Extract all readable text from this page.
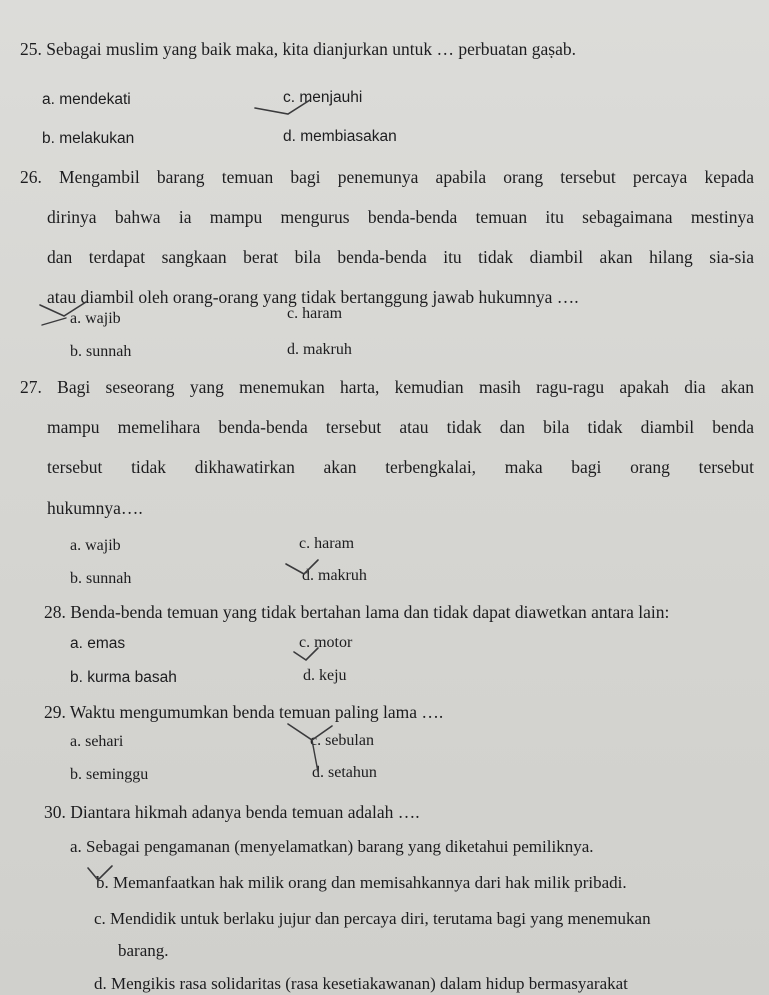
25. Sebagai muslim yang baik maka, kita dianjurkan untuk … perbuatan gaṣab.
a. mendekati	c. menjauhi
b. melakukan	d. membiasakan
26. Mengambil barang temuan bagi penemunya apabila orang tersebut percaya kepada
dirinya bahwa ia mampu mengurus benda-benda temuan itu sebagaimana mestinya
dan terdapat sangkaan berat bila benda-benda itu tidak diambil akan hilang sia-sia
atau diambil oleh orang-orang yang tidak bertanggung jawab hukumnya ….
a. wajib	c. haram
b. sunnah	d. makruh
27. Bagi seseorang yang menemukan harta, kemudian masih ragu-ragu apakah dia akan
mampu memelihara benda-benda tersebut atau tidak dan bila tidak diambil benda
tersebut tidak dikhawatirkan akan terbengkalai, maka bagi orang tersebut
hukumnya….
a. wajib	c. haram
b. sunnah	d. makruh
28. Benda-benda temuan yang tidak bertahan lama dan tidak dapat diawetkan antara lain:
a. emas	c. motor
b. kurma basah	d. keju
29. Waktu mengumumkan benda temuan paling lama ….
a. sehari	c. sebulan
b. seminggu	d. setahun
30. Diantara hikmah adanya benda temuan adalah ….
a. Sebagai pengamanan (menyelamatkan) barang yang diketahui pemiliknya.
b. Memanfaatkan hak milik orang dan memisahkannya dari hak milik pribadi.
c. Mendidik untuk berlaku jujur dan percaya diri, terutama bagi yang menemukan
barang.
d. Mengikis rasa solidaritas (rasa kesetiakawanan) dalam hidup bermasyarakat
